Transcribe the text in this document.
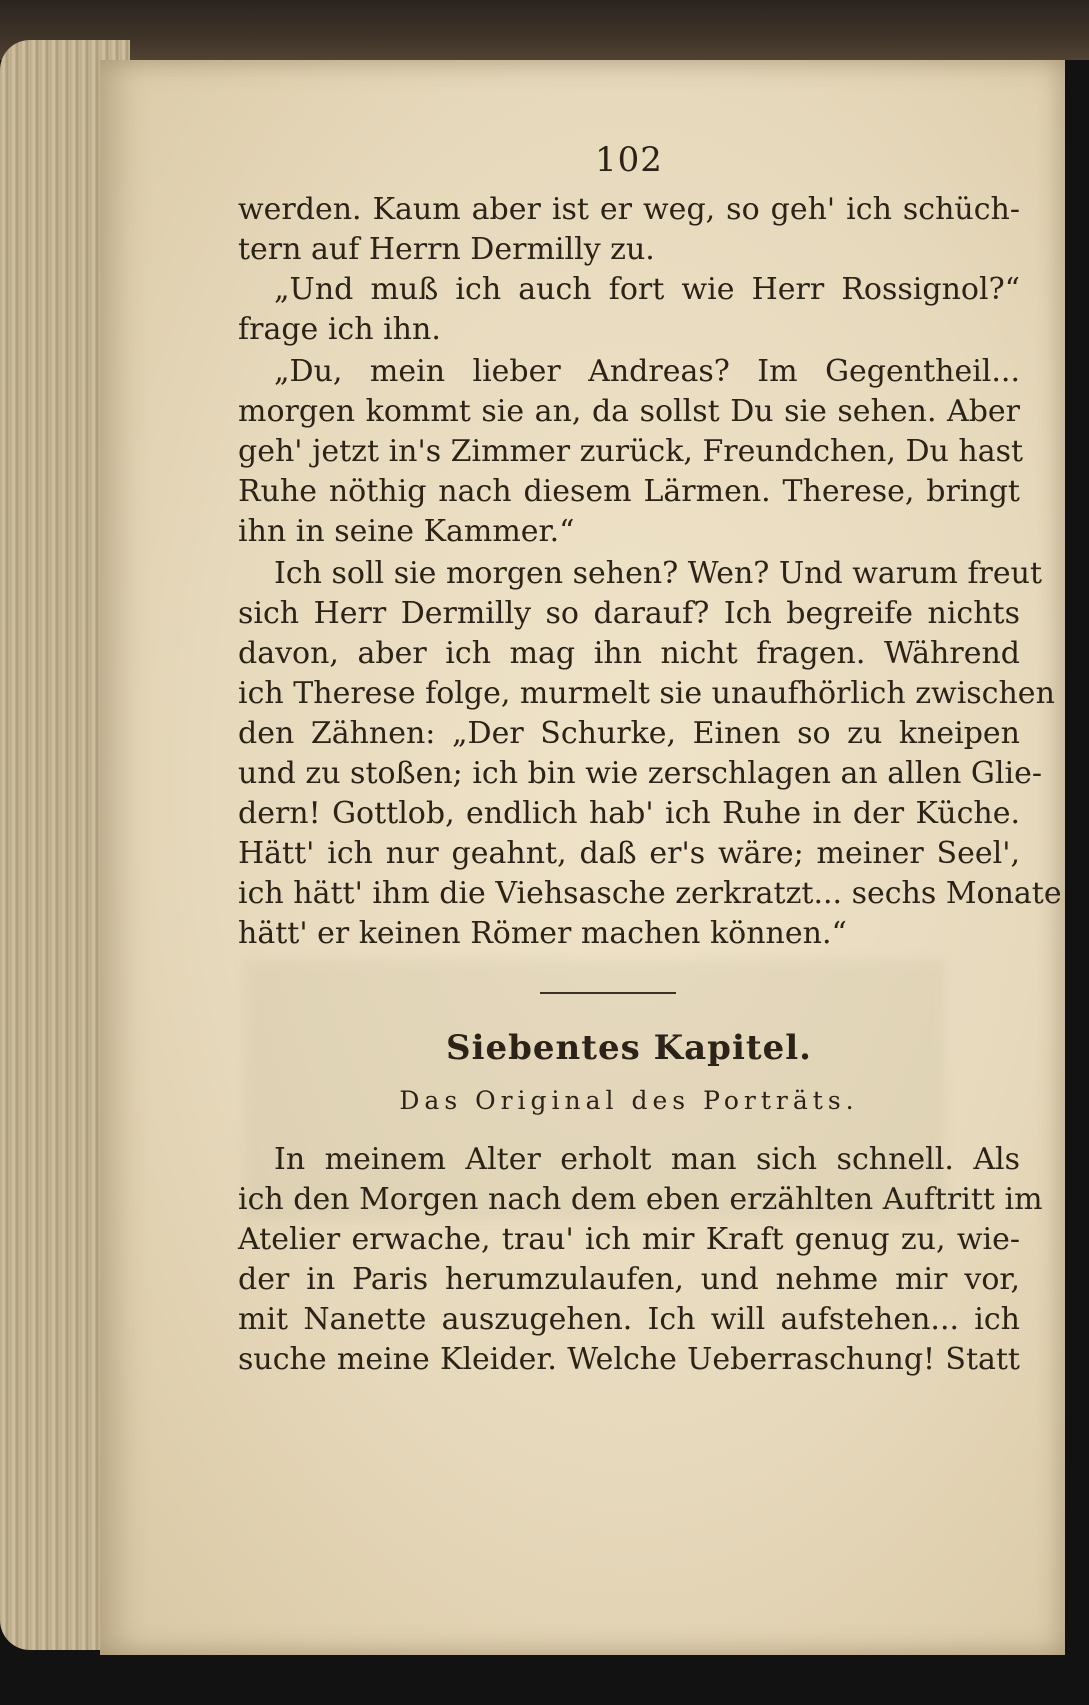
102
werden. Kaum aber ist er weg, so geh' ich schüch-
tern auf Herrn Dermilly zu.
„Und muß ich auch fort wie Herr Rossignol?“
frage ich ihn.
„Du, mein lieber Andreas? Im Gegentheil...
morgen kommt sie an, da sollst Du sie sehen. Aber
geh' jetzt in's Zimmer zurück, Freundchen, Du hast
Ruhe nöthig nach diesem Lärmen. Therese, bringt
ihn in seine Kammer.“
Ich soll sie morgen sehen? Wen? Und warum freut
sich Herr Dermilly so darauf? Ich begreife nichts
davon, aber ich mag ihn nicht fragen. Während
ich Therese folge, murmelt sie unaufhörlich zwischen
den Zähnen: „Der Schurke, Einen so zu kneipen
und zu stoßen; ich bin wie zerschlagen an allen Glie-
dern! Gottlob, endlich hab' ich Ruhe in der Küche.
Hätt' ich nur geahnt, daß er's wäre; meiner Seel',
ich hätt' ihm die Viehsasche zerkratzt... sechs Monate
hätt' er keinen Römer machen können.“
Siebentes Kapitel.
Das Original des Porträts.
In meinem Alter erholt man sich schnell. Als
ich den Morgen nach dem eben erzählten Auftritt im
Atelier erwache, trau' ich mir Kraft genug zu, wie-
der in Paris herumzulaufen, und nehme mir vor,
mit Nanette auszugehen. Ich will aufstehen... ich
suche meine Kleider. Welche Ueberraschung! Statt
